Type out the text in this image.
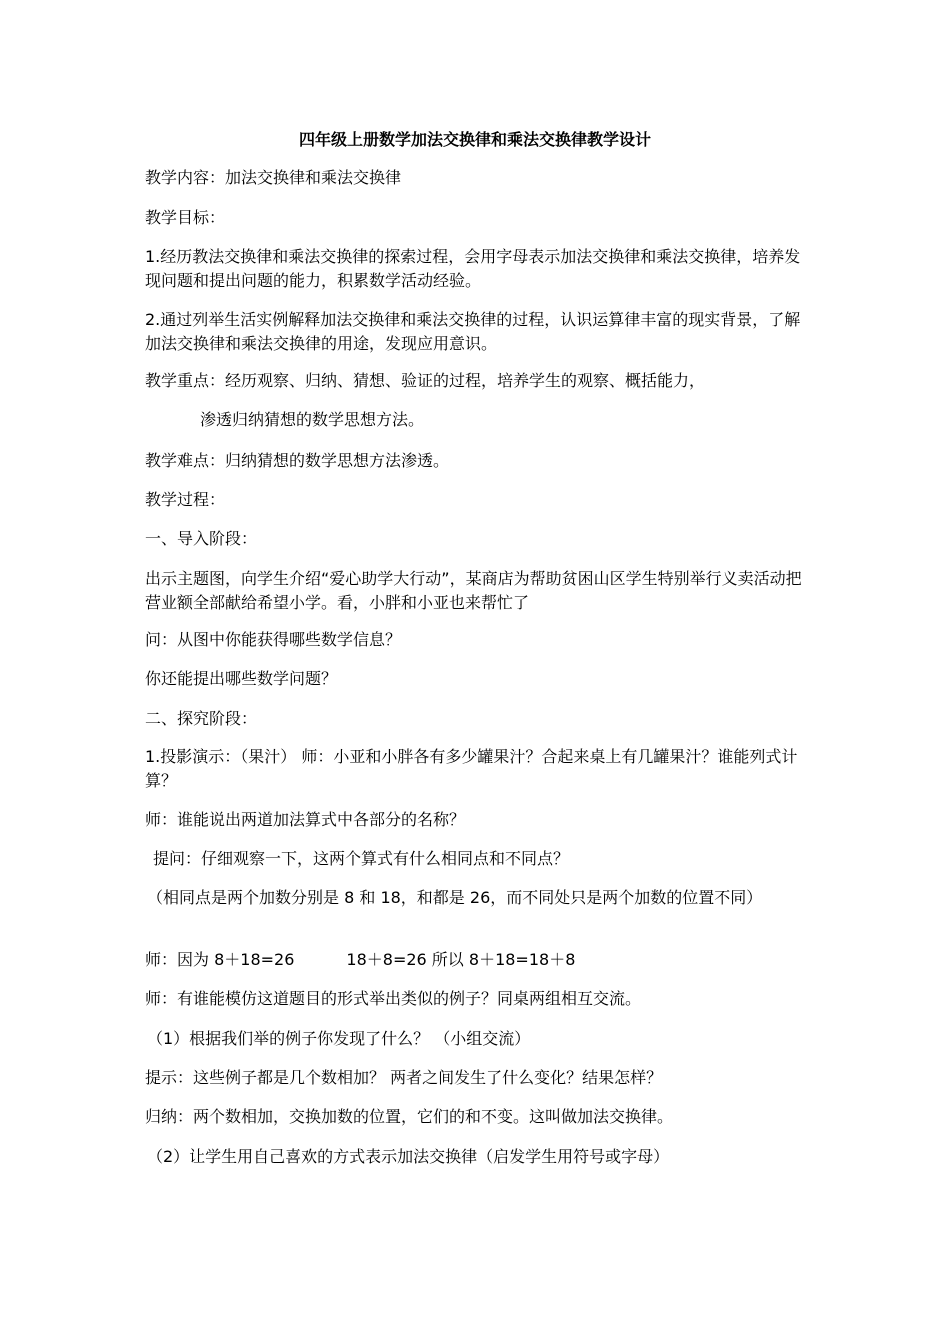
四年级上册数学加法交换律和乘法交换律教学设计

教学内容：加法交换律和乘法交换律

教学目标：

1.经历教法交换律和乘法交换律的探索过程，会用字母表示加法交换律和乘法交换律，培养发现问题和提出问题的能力，积累数学活动经验。

2.通过列举生活实例解释加法交换律和乘法交换律的过程，认识运算律丰富的现实背景，了解加法交换律和乘法交换律的用途，发现应用意识。

教学重点：经历观察、归纳、猜想、验证的过程，培养学生的观察、概括能力，

渗透归纳猜想的数学思想方法。

教学难点：归纳猜想的数学思想方法渗透。

教学过程：

一、导入阶段：

出示主题图，向学生介绍“爱心助学大行动”，某商店为帮助贫困山区学生特别举行义卖活动把营业额全部献给希望小学。看，小胖和小亚也来帮忙了

问：从图中你能获得哪些数学信息？

你还能提出哪些数学问题？

二、探究阶段：

1.投影演示：（果汁） 师：小亚和小胖各有多少罐果汁？合起来桌上有几罐果汁？谁能列式计算？

师：谁能说出两道加法算式中各部分的名称？

提问：仔细观察一下，这两个算式有什么相同点和不同点？

（相同点是两个加数分别是 8 和 18，和都是 26，而不同处只是两个加数的位置不同）

师：因为 8＋18=26	18＋8=26 所以 8＋18=18＋8

师：有谁能模仿这道题目的形式举出类似的例子？同桌两组相互交流。

（1）根据我们举的例子你发现了什么？ （小组交流）

提示：这些例子都是几个数相加？ 两者之间发生了什么变化？结果怎样？

归纳：两个数相加，交换加数的位置，它们的和不变。这叫做加法交换律。

（2）让学生用自己喜欢的方式表示加法交换律（启发学生用符号或字母）
